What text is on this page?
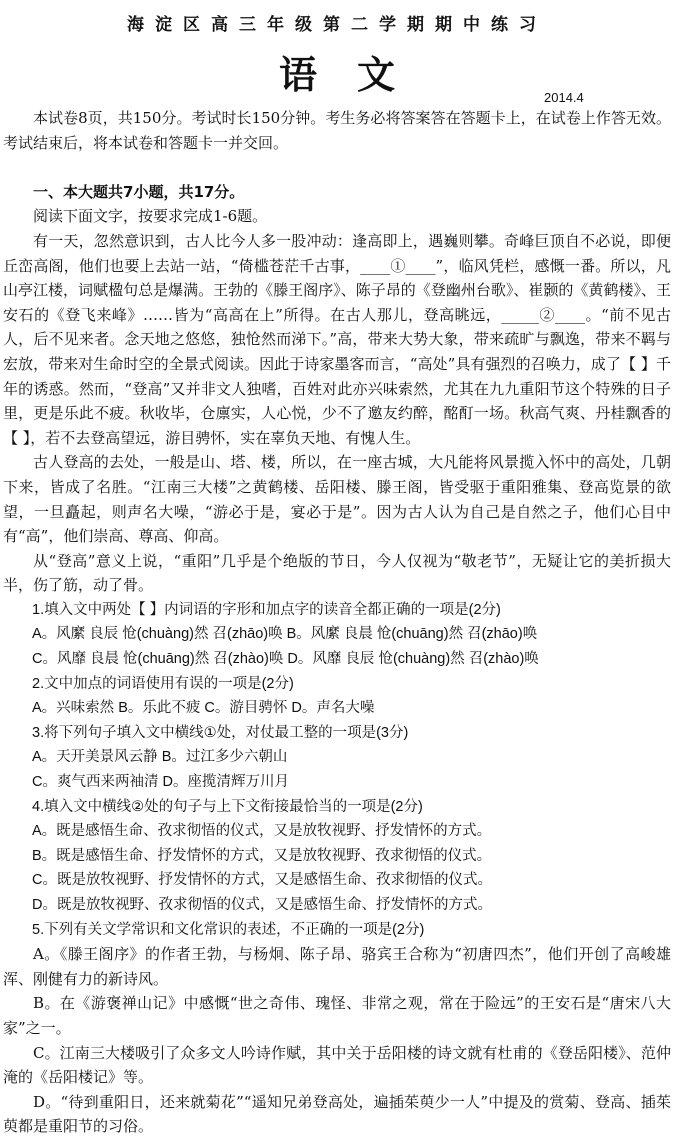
海淀区高三年级第二学期期中练习
语文
2014.4

本试卷8页，共150分。考试时长150分钟。考生务必将答案答在答题卡上，在试卷上作答无效。考试结束后，将本试卷和答题卡一并交回。

一、本大题共7小题，共17分。

阅读下面文字，按要求完成1-6题。

有一天，忽然意识到，古人比今人多一股冲动：逢高即上，遇巍则攀。奇峰巨顶自不必说，即便丘峦高阁，他们也要上去站一站，“倚槛苍茫千古事，____①____”，临风凭栏，感慨一番。所以，凡山亭江楼，词赋楹句总是爆满。王勃的《滕王阁序》、陈子昂的《登幽州台歌》、崔颢的《黄鹤楼》、王安石的《登飞来峰》……皆为“高高在上”所得。在古人那儿，登高眺远，_____②____。“前不见古人，后不见来者。念天地之悠悠，独怆然而涕下。”高，带来大势大象，带来疏旷与飘逸，带来不羁与宏放，带来对生命时空的全景式阅读。因此于诗家墨客而言，“高处”具有强烈的召唤力，成了【 】千年的诱惑。然而，“登高”又并非文人独嗜，百姓对此亦兴味索然，尤其在九九重阳节这个特殊的日子里，更是乐此不疲。秋收毕，仓廪实，人心悦，少不了邀友约醉，酩酊一场。秋高气爽、丹桂飘香的【 】，若不去登高望远，游目骋怀，实在辜负天地、有愧人生。

古人登高的去处，一般是山、塔、楼，所以，在一座古城，大凡能将风景揽入怀中的高处，几朝下来，皆成了名胜。“江南三大楼”之黄鹤楼、岳阳楼、滕王阁，皆受驱于重阳雅集、登高览景的欲望，一旦矗起，则声名大噪，“游必于是，宴必于是”。因为古人认为自己是自然之子，他们心目中有“高”，他们崇高、尊高、仰高。

从“登高”意义上说，“重阳”几乎是个绝版的节日，今人仅视为“敬老节”，无疑让它的美折损大半，伤了筋，动了骨。

1.填入文中两处【 】内词语的字形和加点字的读音全都正确的一项是(2分)

A。风縻 良辰 怆(chuàng)然 召(zhāo)唤 B。风縻 良晨 怆(chuāng)然 召(zhāo)唤

C。风靡 良晨 怆(chuāng)然 召(zhào)唤 D。风靡 良辰 怆(chuàng)然 召(zhào)唤

2.文中加点的词语使用有误的一项是(2分)

A。兴味索然 B。乐此不疲 C。游目骋怀 D。声名大噪

3.将下列句子填入文中横线①处，对仗最工整的一项是(3分)

A。天开美景风云静 B。过江多少六朝山

C。爽气西来两袖清 D。座揽清辉万川月

4.填入文中横线②处的句子与上下文衔接最恰当的一项是(2分)

A。既是感悟生命、孜求彻悟的仪式，又是放牧视野、抒发情怀的方式。

B。既是感悟生命、抒发情怀的方式，又是放牧视野、孜求彻悟的仪式。

C。既是放牧视野、抒发情怀的方式，又是感悟生命、孜求彻悟的仪式。

D。既是放牧视野、孜求彻悟的仪式，又是感悟生命、抒发情怀的方式。

5.下列有关文学常识和文化常识的表述，不正确的一项是(2分)

A。《滕王阁序》的作者王勃，与杨炯、陈子昂、骆宾王合称为“初唐四杰”，他们开创了高峻雄浑、刚健有力的新诗风。

B。在《游褒禅山记》中感慨“世之奇伟、瑰怪、非常之观，常在于险远”的王安石是“唐宋八大家”之一。

C。江南三大楼吸引了众多文人吟诗作赋，其中关于岳阳楼的诗文就有杜甫的《登岳阳楼》、范仲淹的《岳阳楼记》等。

D。“待到重阳日，还来就菊花”“遥知兄弟登高处，遍插茱萸少一人”中提及的赏菊、登高、插茱萸都是重阳节的习俗。
